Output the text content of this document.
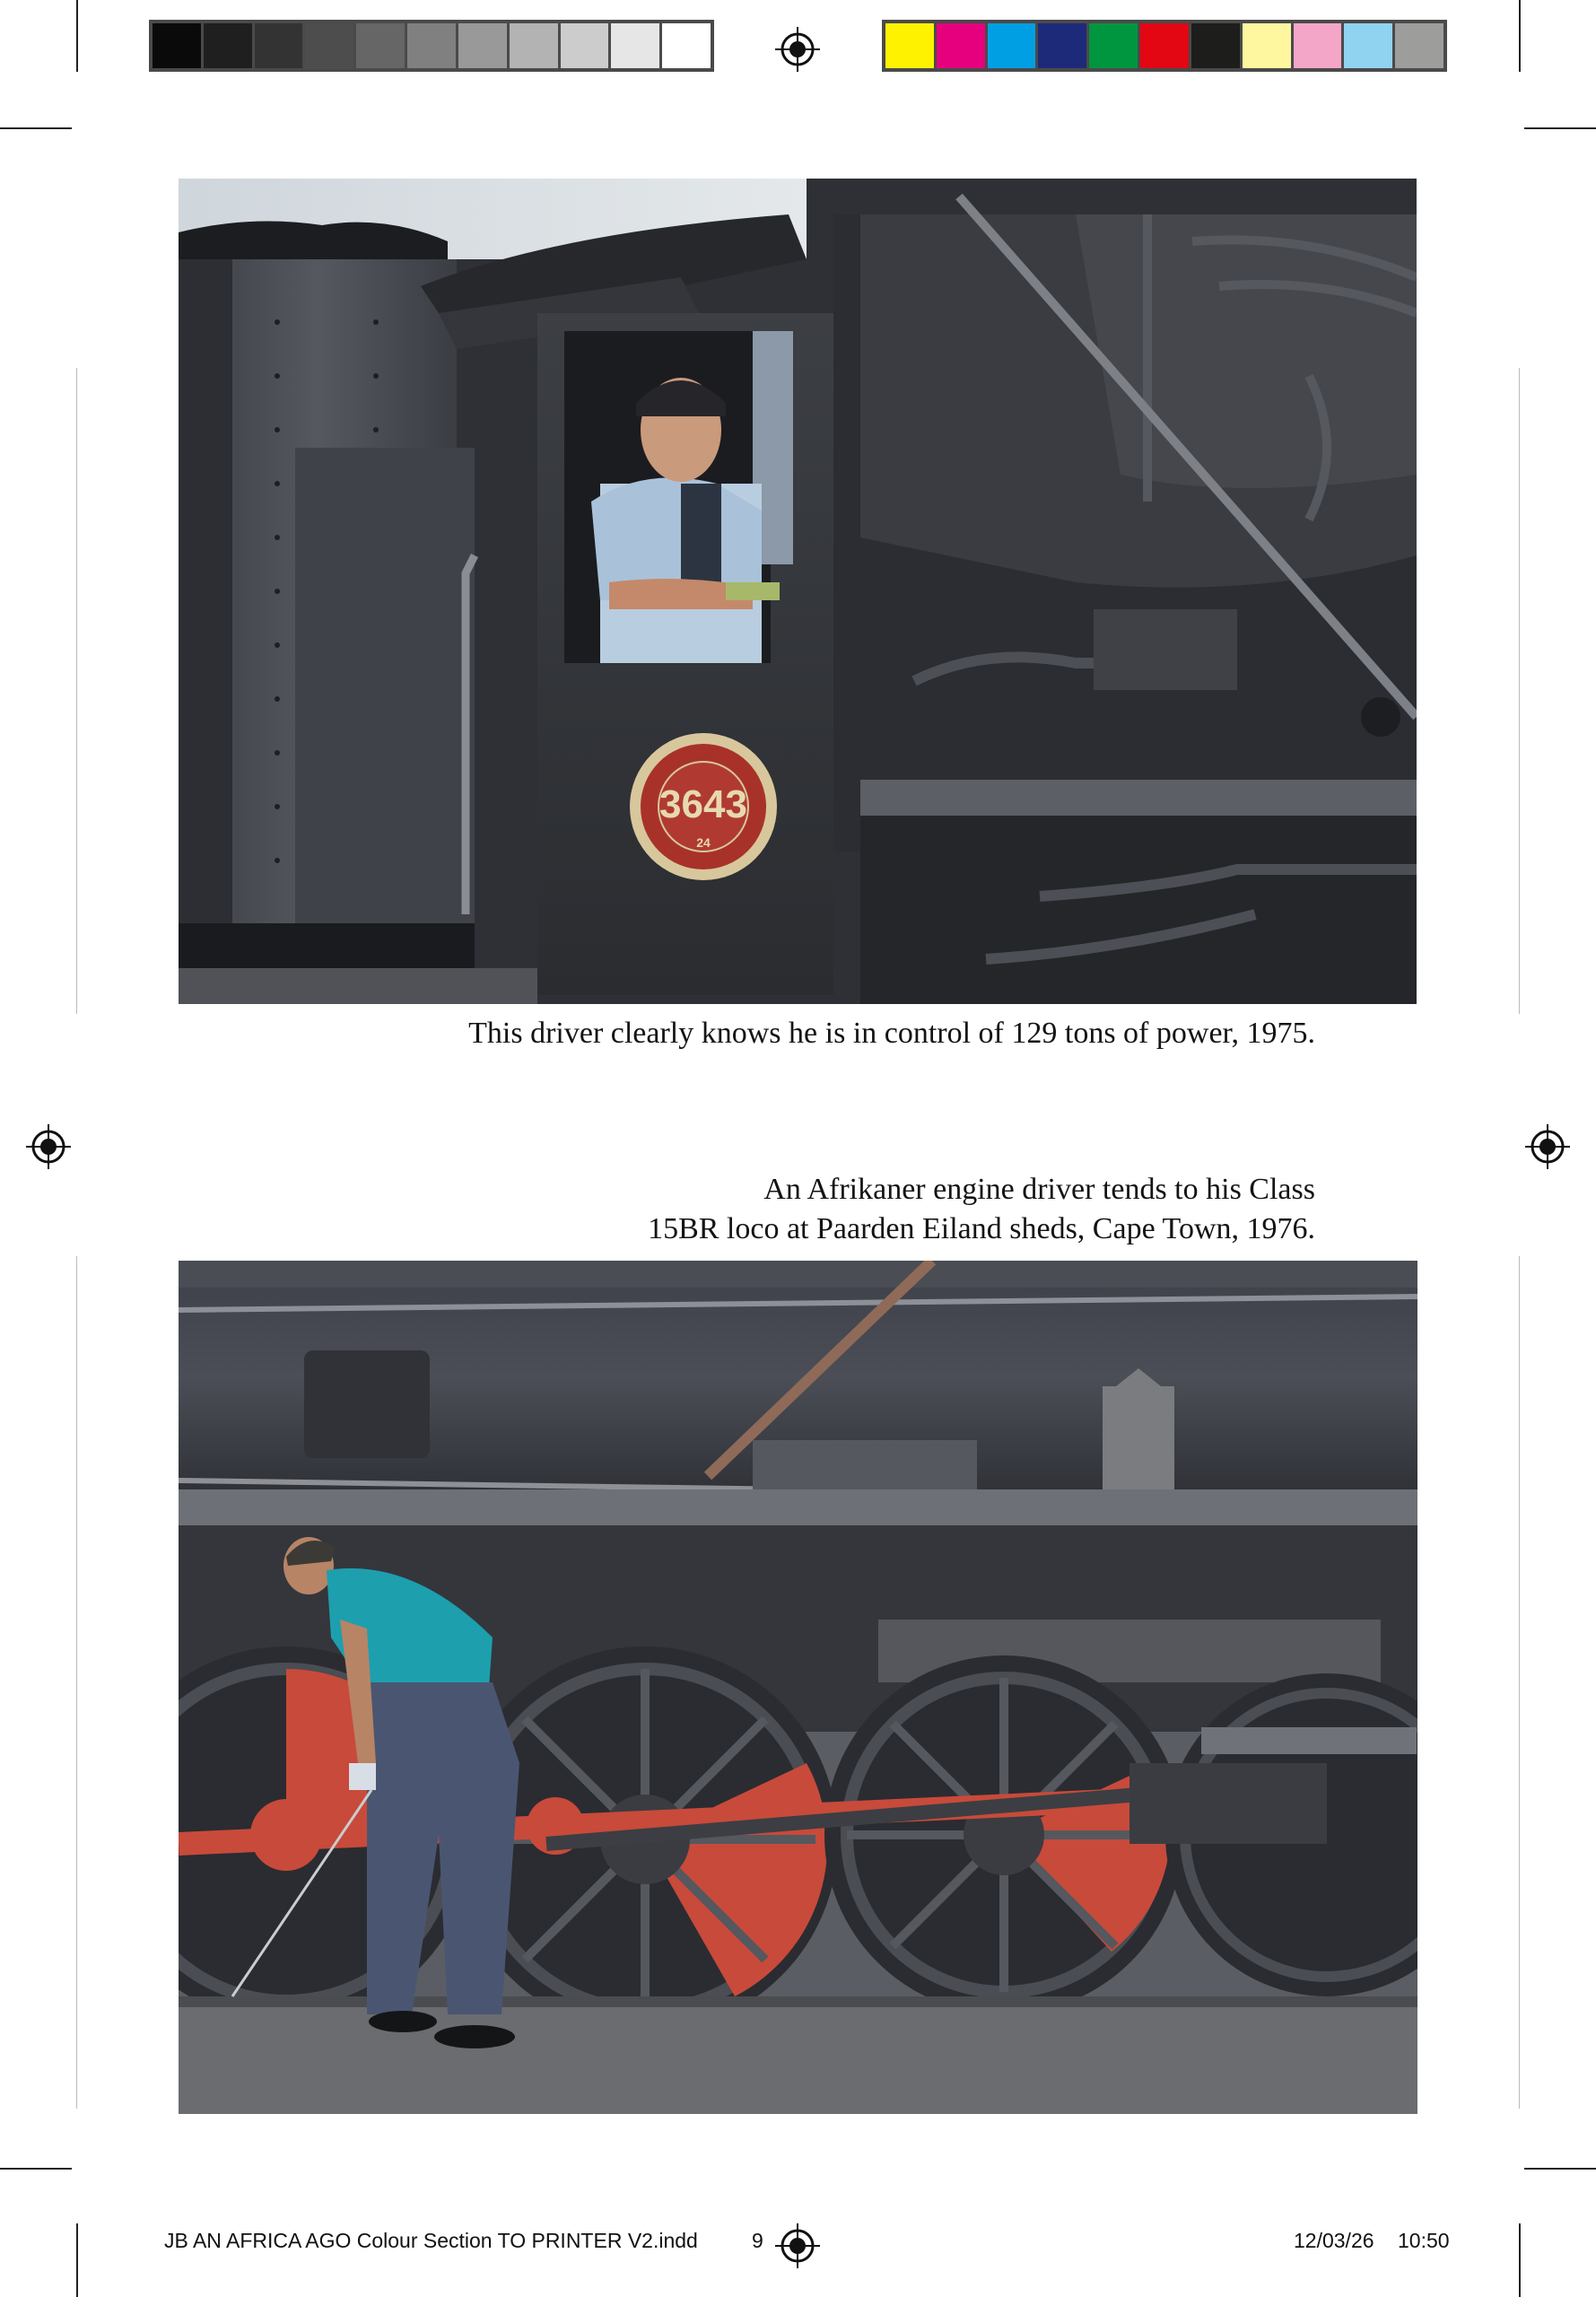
3643
24
This driver clearly knows he is in control of 129 tons of power, 1975.
An Afrikaner engine driver tends to his Class
15BR loco at Paarden Eiland sheds, Cape Town, 1976.
JB AN AFRICA AGO Colour Section TO PRINTER V2.indd	9	12/03/26 10:50
